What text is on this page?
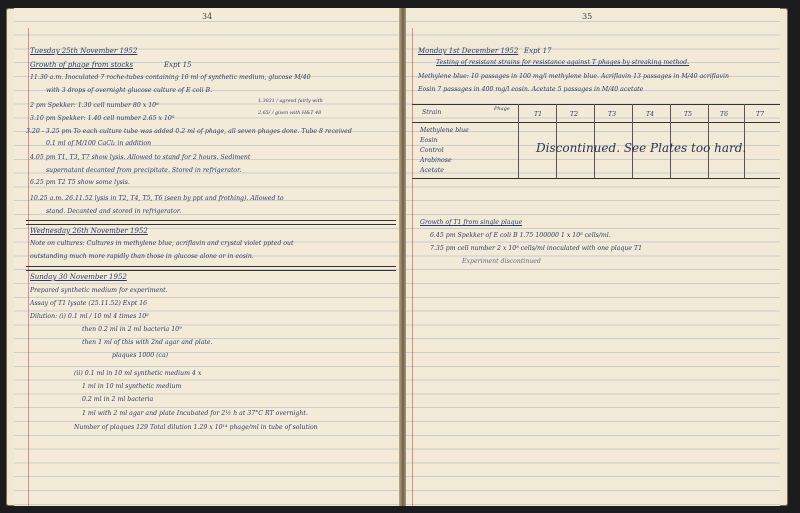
34
Tuesday 25th November 1952
Growth of phage from stocks	Expt 15
11.30 a.m. Inoculated 7 roche-tubes containing 10 ml of synthetic medium, glucose M/40
with 3 drops of overnight glucose culture of E coli B.
2 pm Spekker: 1.30 cell number 80 x 10⁸
1.3031 / agreed fairly with
3.10 pm Spekker: 1.40 cell number 2.65 x 10⁸
2.65/ / given with H&T 48
3.20 - 3.25 pm To each culture tube was added 0.2 ml of phage, all seven phages done. Tube 8 received
0.1 ml of M/100 CaCl₂ in addition
4.05 pm T1, T3, T7 show lysis. Allowed to stand for 2 hours. Sediment
supernatant decanted from precipitate. Stored in refrigerator.
6.25 pm T2 T5 show some lysis.
10.25 a.m. 26.11.52 lysis in T2, T4, T5, T6 (seen by ppt and frothing). Allowed to
stand. Decanted and stored in refrigerator.
Wednesday 26th November 1952
Note on cultures: Cultures in methylene blue, acriflavin and crystal violet ppted out
outstanding much more rapidly than those in glucose alone or in eosin.
Sunday 30 November 1952
Prepared synthetic medium for experiment.
Assay of T1 lysate (25.11.52) Expt 16
Dilution: (i) 0.1 ml / 10 ml 4 times 10⁸
then 0.2 ml in 2 ml bacteria 10⁹
then 1 ml of this with 2nd agar and plate.
plaques 1000 (ca)
(ii) 0.1 ml in 10 ml synthetic medium 4 x
1 ml in 10 ml synthetic medium
0.2 ml in 2 ml bacteria
1 ml with 2 ml agar and plate Incubated for 2½ h at 37°C RT overnight.
Number of plaques 129 Total dilution 1.29 x 10¹⁴ phage/ml in tube of solution
35
Monday 1st December 1952 Expt 17
Testing of resistant strains for resistance against T phages by streaking method.
Methylene blue: 10 passages in 100 mg/l methylene blue. Acriflavin 13 passages in M/40 acriflavin
Eosin 7 passages in 400 mg/l eosin. Acetate 5 passages in M/40 acetate
Strain	Phage
T1	T2	T3	T4	T5	T6	T7
Methylene blue
Eosin
Control
Arabinose
Acetate
Discontinued. See Plates too hard.
Growth of T1 from single plaque
6.45 pm Spekker of E coli B 1.75 100000 1 x 10⁸ cells/ml.
7.35 pm cell number 2 x 10⁸ cells/ml inoculated with one plaque T1
Experiment discontinued
